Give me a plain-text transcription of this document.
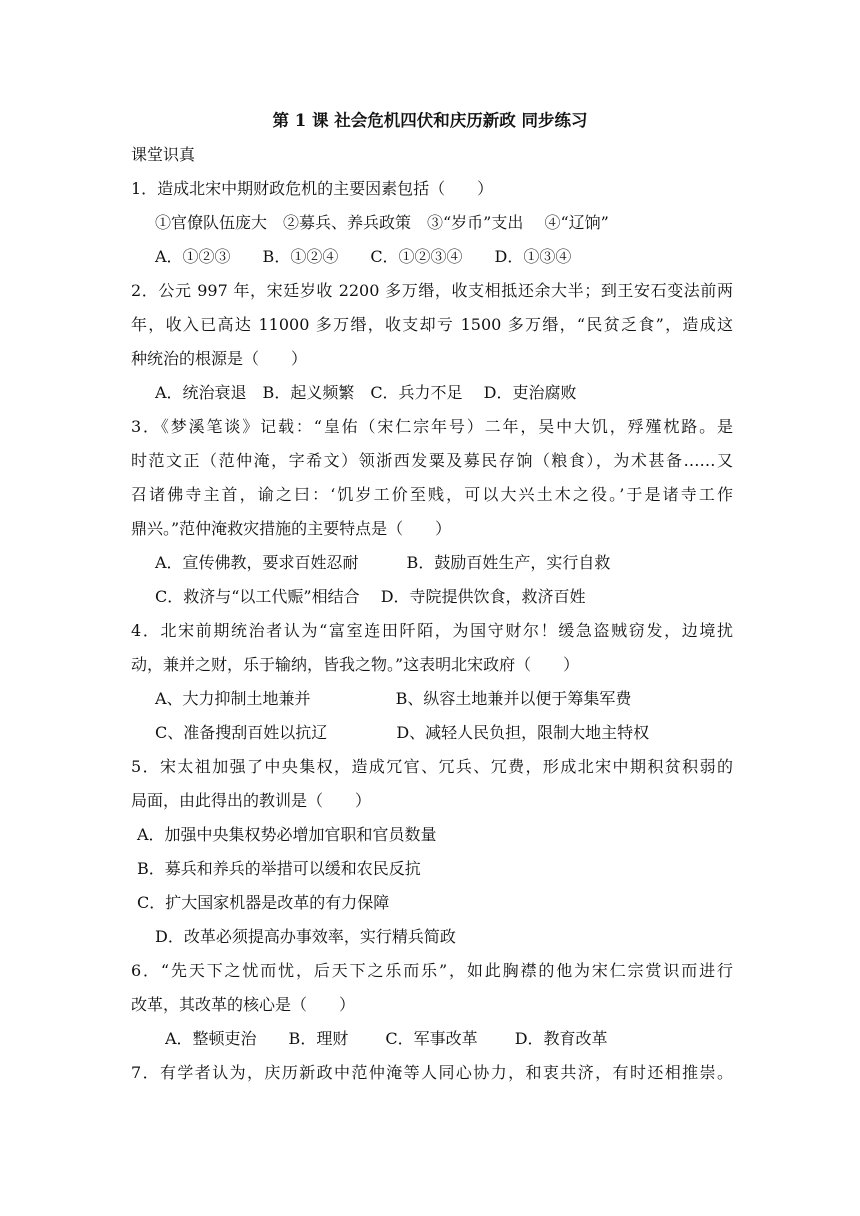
第 1 课 社会危机四伏和庆历新政 同步练习
课堂识真
1．造成北宋中期财政危机的主要因素包括（　　）
①官僚队伍庞大　②募兵、养兵政策　③“岁币”支出　 ④“辽饷”
A．①②③　　B．①②④　　C．①②③④　　D．①③④
2．公元 997 年，宋廷岁收 2200 多万缗，收支相抵还余大半；到王安石变法前两
年，收入已高达 11000 多万缗，收支却亏 1500 多万缗，“民贫乏食”，造成这
种统治的根源是（　　）
A．统治衰退　B．起义频繁　C．兵力不足　 D．吏治腐败
3．《梦溪笔谈》记载：“皇佑（宋仁宗年号）二年，吴中大饥，殍殣枕路。是
时范文正（范仲淹，字希文）领浙西发粟及募民存饷（粮食），为术甚备……又
召诸佛寺主首，谕之曰：‘饥岁工价至贱，可以大兴土木之役。’于是诸寺工作
鼎兴。”范仲淹救灾措施的主要特点是（　　）
A．宣传佛教，要求百姓忍耐　　　B．鼓励百姓生产，实行自救
C．救济与“以工代赈”相结合　 D．寺院提供饮食，救济百姓
4．北宋前期统治者认为“富室连田阡陌，为国守财尔！缓急盗贼窃发，边境扰
动，兼并之财，乐于输纳，皆我之物。”这表明北宋政府（　　）
A、大力抑制土地兼并　　　　　 B、纵容土地兼并以便于筹集军费
C、准备搜刮百姓以抗辽　　　　 D、减轻人民负担，限制大地主特权
5．宋太祖加强了中央集权，造成冗官、冗兵、冗费，形成北宋中期积贫积弱的
局面，由此得出的教训是（　　）
A．加强中央集权势必增加官职和官员数量
B．募兵和养兵的举措可以缓和农民反抗
C．扩大国家机器是改革的有力保障
D．改革必须提高办事效率，实行精兵简政
6．“先天下之忧而忧，后天下之乐而乐”，如此胸襟的他为宋仁宗赏识而进行
改革，其改革的核心是（　　）
A．整顿吏治　　B．理财　　 C．军事改革　　 D．教育改革
7．有学者认为，庆历新政中范仲淹等人同心协力，和衷共济，有时还相推崇。
